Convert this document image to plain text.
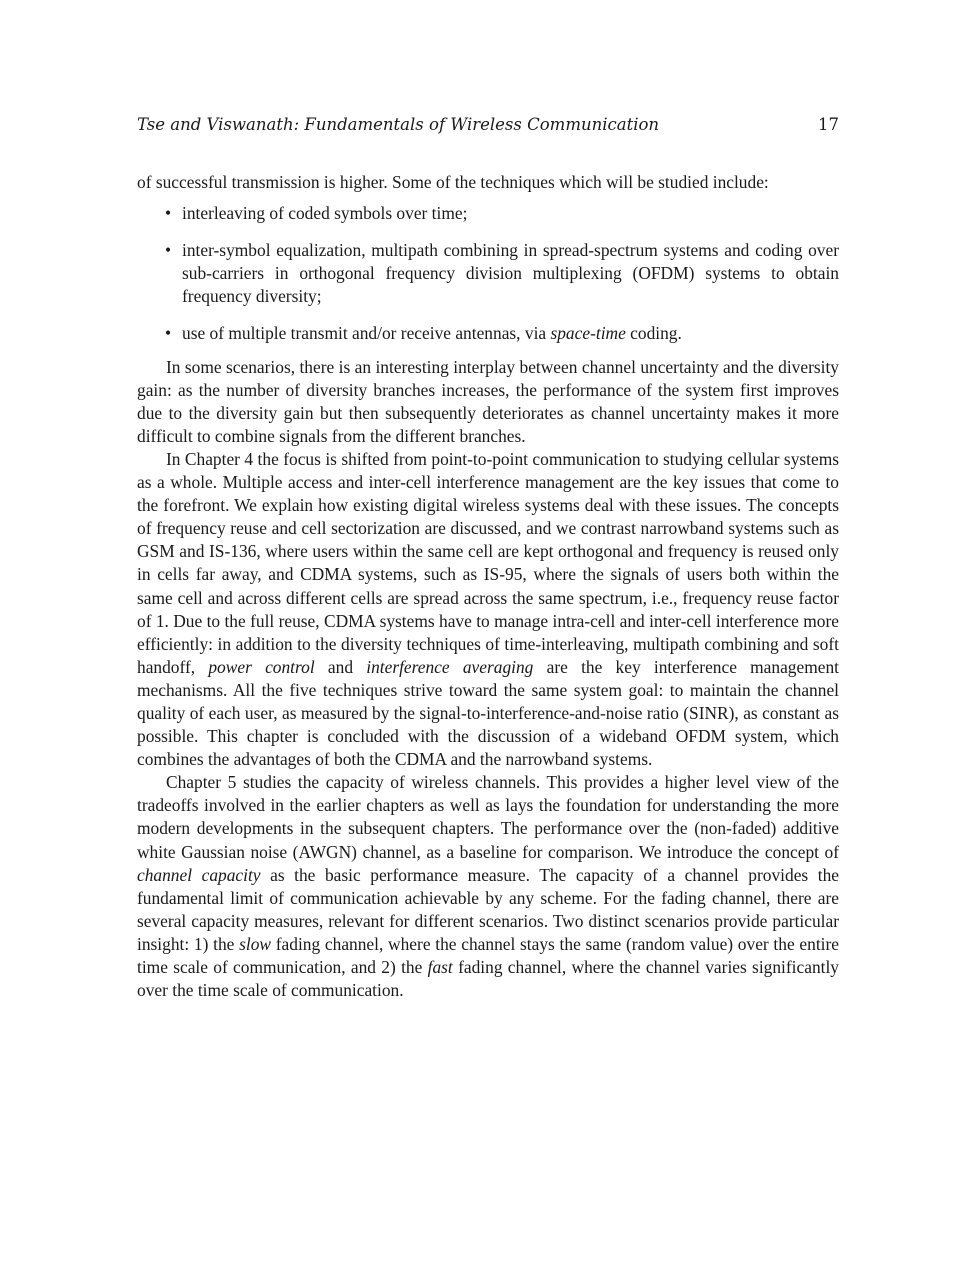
Tse and Viswanath: Fundamentals of Wireless Communication	17

of successful transmission is higher. Some of the techniques which will be studied include:

• interleaving of coded symbols over time;
• inter-symbol equalization, multipath combining in spread-spectrum systems and coding over sub-carriers in orthogonal frequency division multiplexing (OFDM) systems to obtain frequency diversity;
• use of multiple transmit and/or receive antennas, via space-time coding.

In some scenarios, there is an interesting interplay between channel uncertainty and the diversity gain: as the number of diversity branches increases, the performance of the system first improves due to the diversity gain but then subsequently deteriorates as channel uncertainty makes it more difficult to combine signals from the different branches.

In Chapter 4 the focus is shifted from point-to-point communication to studying cellular systems as a whole. Multiple access and inter-cell interference management are the key issues that come to the forefront. We explain how existing digital wireless systems deal with these issues. The concepts of frequency reuse and cell sectorization are discussed, and we contrast narrowband systems such as GSM and IS-136, where users within the same cell are kept orthogonal and frequency is reused only in cells far away, and CDMA systems, such as IS-95, where the signals of users both within the same cell and across different cells are spread across the same spectrum, i.e., frequency reuse factor of 1. Due to the full reuse, CDMA systems have to manage intra-cell and inter-cell interference more efficiently: in addition to the diversity techniques of time-interleaving, multipath combining and soft handoff, power control and interference averaging are the key interference management mechanisms. All the five techniques strive toward the same system goal: to maintain the channel quality of each user, as measured by the signal-to-interference-and-noise ratio (SINR), as constant as possible. This chapter is concluded with the discussion of a wideband OFDM system, which combines the advantages of both the CDMA and the narrowband systems.

Chapter 5 studies the capacity of wireless channels. This provides a higher level view of the tradeoffs involved in the earlier chapters as well as lays the foundation for understanding the more modern developments in the subsequent chapters. The performance over the (non-faded) additive white Gaussian noise (AWGN) channel, as a baseline for comparison. We introduce the concept of channel capacity as the basic performance measure. The capacity of a channel provides the fundamental limit of communication achievable by any scheme. For the fading channel, there are several capacity measures, relevant for different scenarios. Two distinct scenarios provide particular insight: 1) the slow fading channel, where the channel stays the same (random value) over the entire time scale of communication, and 2) the fast fading channel, where the channel varies significantly over the time scale of communication.
